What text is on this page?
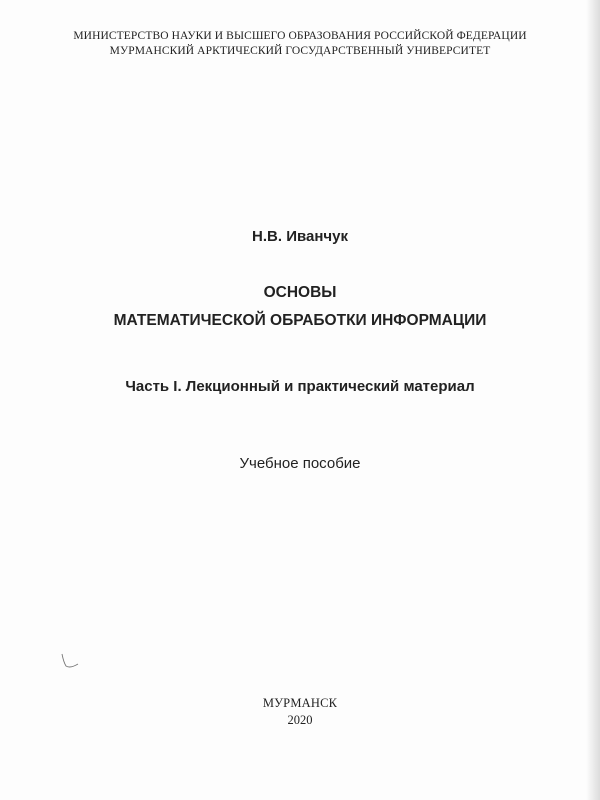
МИНИСТЕРСТВО НАУКИ И ВЫСШЕГО ОБРАЗОВАНИЯ РОССИЙСКОЙ ФЕДЕРАЦИИ
МУРМАНСКИЙ АРКТИЧЕСКИЙ ГОСУДАРСТВЕННЫЙ УНИВЕРСИТЕТ
Н.В. Иванчук
ОСНОВЫ
МАТЕМАТИЧЕСКОЙ ОБРАБОТКИ ИНФОРМАЦИИ
Часть I. Лекционный и практический материал
Учебное пособие
МУРМАНСК
2020
